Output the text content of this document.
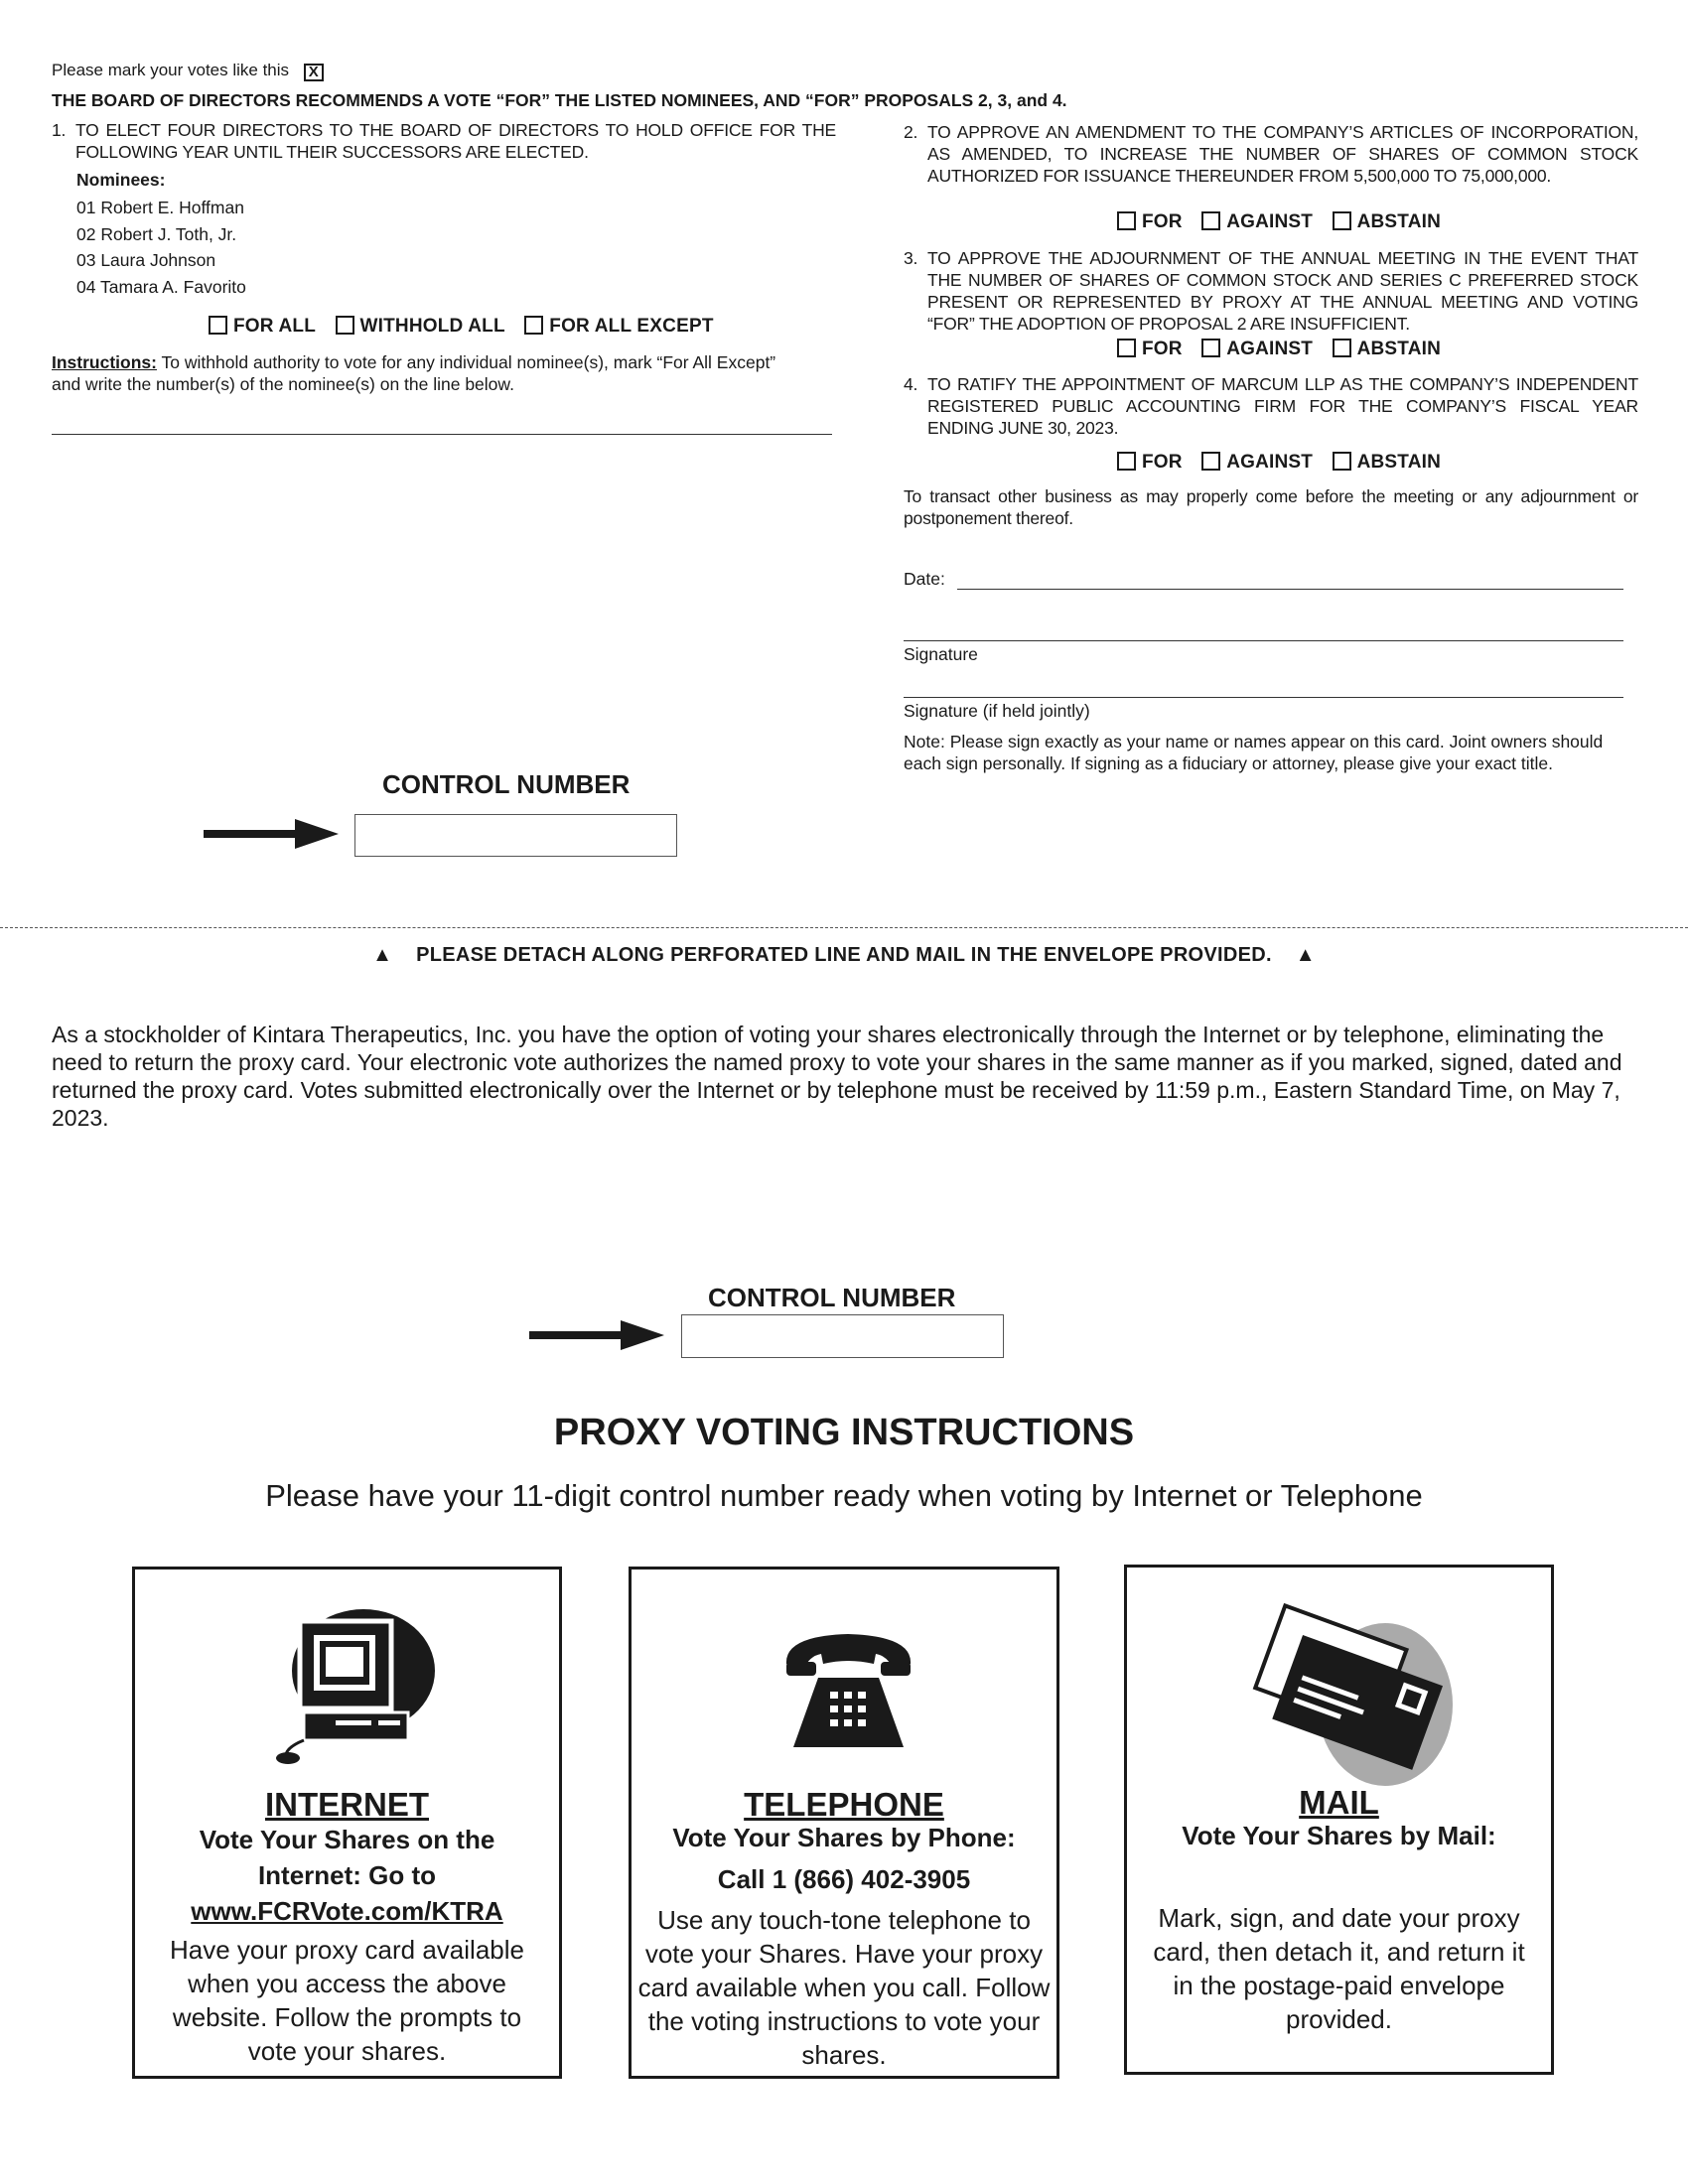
Please mark your votes like this X
THE BOARD OF DIRECTORS RECOMMENDS A VOTE “FOR” THE LISTED NOMINEES, AND “FOR” PROPOSALS 2, 3, and 4.
1. TO ELECT FOUR DIRECTORS TO THE BOARD OF DIRECTORS TO HOLD OFFICE FOR THE FOLLOWING YEAR UNTIL THEIR SUCCESSORS ARE ELECTED.
Nominees:
01 Robert E. Hoffman
02 Robert J. Toth, Jr.
03 Laura Johnson
04 Tamara A. Favorito
FOR ALL WITHHOLD ALL FOR ALL EXCEPT
Instructions: To withhold authority to vote for any individual nominee(s), mark “For All Except” and write the number(s) of the nominee(s) on the line below.
2. TO APPROVE AN AMENDMENT TO THE COMPANY’S ARTICLES OF INCORPORATION, AS AMENDED, TO INCREASE THE NUMBER OF SHARES OF COMMON STOCK AUTHORIZED FOR ISSUANCE THEREUNDER FROM 5,500,000 TO 75,000,000.
FOR AGAINST ABSTAIN
3. TO APPROVE THE ADJOURNMENT OF THE ANNUAL MEETING IN THE EVENT THAT THE NUMBER OF SHARES OF COMMON STOCK AND SERIES C PREFERRED STOCK PRESENT OR REPRESENTED BY PROXY AT THE ANNUAL MEETING AND VOTING “FOR” THE ADOPTION OF PROPOSAL 2 ARE INSUFFICIENT.
FOR AGAINST ABSTAIN
4. TO RATIFY THE APPOINTMENT OF MARCUM LLP AS THE COMPANY’S INDEPENDENT REGISTERED PUBLIC ACCOUNTING FIRM FOR THE COMPANY’S FISCAL YEAR ENDING JUNE 30, 2023.
FOR AGAINST ABSTAIN
To transact other business as may properly come before the meeting or any adjournment or postponement thereof.
Date:
Signature
Signature (if held jointly)
Note: Please sign exactly as your name or names appear on this card. Joint owners should each sign personally. If signing as a fiduciary or attorney, please give your exact title.
CONTROL NUMBER
▲ PLEASE DETACH ALONG PERFORATED LINE AND MAIL IN THE ENVELOPE PROVIDED. ▲
As a stockholder of Kintara Therapeutics, Inc. you have the option of voting your shares electronically through the Internet or by telephone, eliminating the need to return the proxy card. Your electronic vote authorizes the named proxy to vote your shares in the same manner as if you marked, signed, dated and returned the proxy card. Votes submitted electronically over the Internet or by telephone must be received by 11:59 p.m., Eastern Standard Time, on May 7, 2023.
CONTROL NUMBER
PROXY VOTING INSTRUCTIONS
Please have your 11-digit control number ready when voting by Internet or Telephone
INTERNET
Vote Your Shares on the
Internet: Go to
www.FCRVote.com/KTRA
Have your proxy card available when you access the above website. Follow the prompts to vote your shares.
TELEPHONE
Vote Your Shares by Phone:
Call 1 (866) 402-3905
Use any touch-tone telephone to vote your Shares. Have your proxy card available when you call. Follow the voting instructions to vote your shares.
MAIL
Vote Your Shares by Mail:
Mark, sign, and date your proxy card, then detach it, and return it in the postage-paid envelope provided.
